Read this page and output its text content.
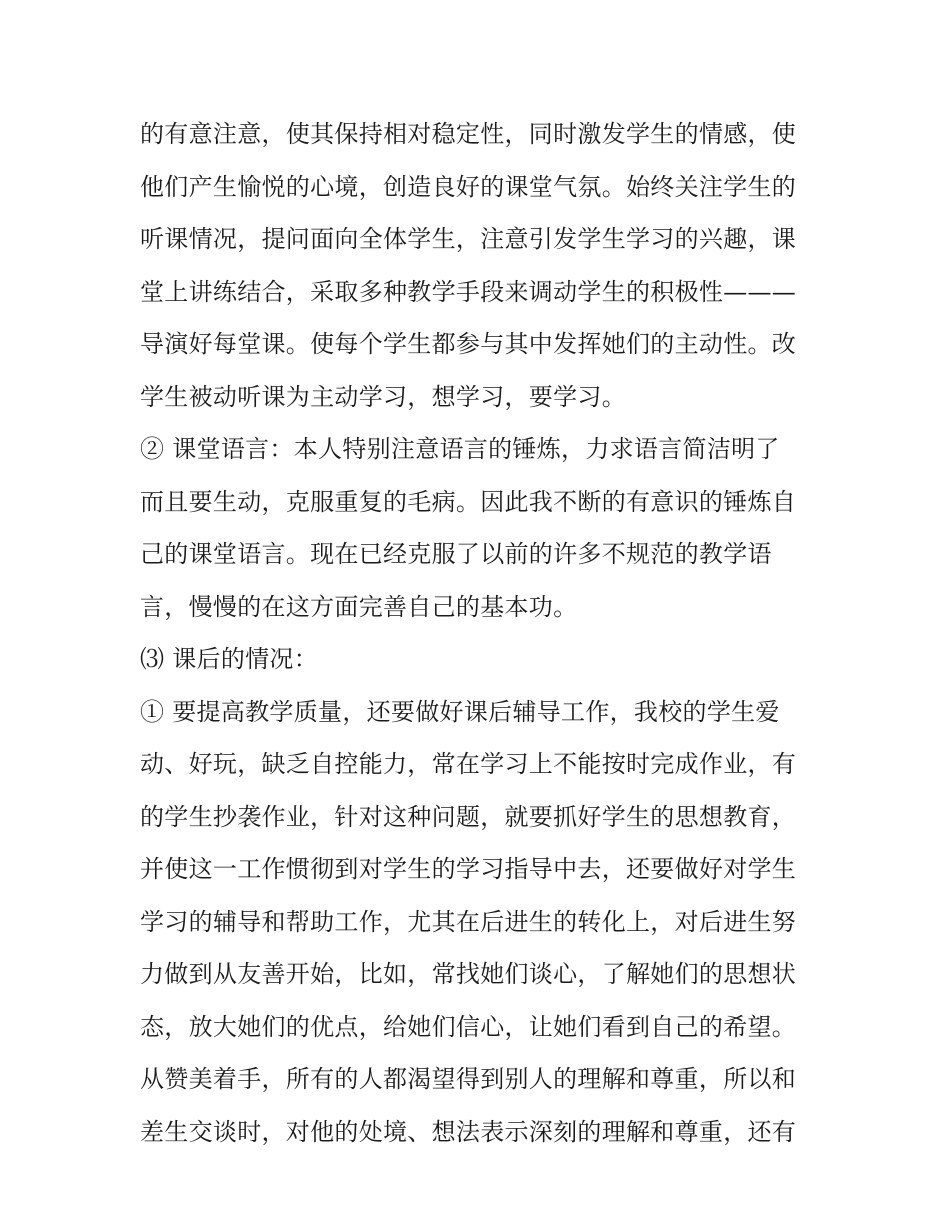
的有意注意，使其保持相对稳定性，同时激发学生的情感，使
他们产生愉悦的心境，创造良好的课堂气氛。始终关注学生的
听课情况，提问面向全体学生，注意引发学生学习的兴趣，课
堂上讲练结合，采取多种教学手段来调动学生的积极性———
导演好每堂课。使每个学生都参与其中发挥她们的主动性。改
学生被动听课为主动学习，想学习，要学习。
② 课堂语言：本人特别注意语言的锤炼，力求语言简洁明了
而且要生动，克服重复的毛病。因此我不断的有意识的锤炼自
己的课堂语言。现在已经克服了以前的许多不规范的教学语
言，慢慢的在这方面完善自己的基本功。
⑶ 课后的情况：
① 要提高教学质量，还要做好课后辅导工作，我校的学生爱
动、好玩，缺乏自控能力，常在学习上不能按时完成作业，有
的学生抄袭作业，针对这种问题，就要抓好学生的思想教育，
并使这一工作惯彻到对学生的学习指导中去，还要做好对学生
学习的辅导和帮助工作，尤其在后进生的转化上，对后进生努
力做到从友善开始，比如，常找她们谈心，了解她们的思想状
态，放大她们的优点，给她们信心，让她们看到自己的希望。
从赞美着手，所有的人都渴望得到别人的理解和尊重，所以和
差生交谈时，对他的处境、想法表示深刻的理解和尊重，还有
